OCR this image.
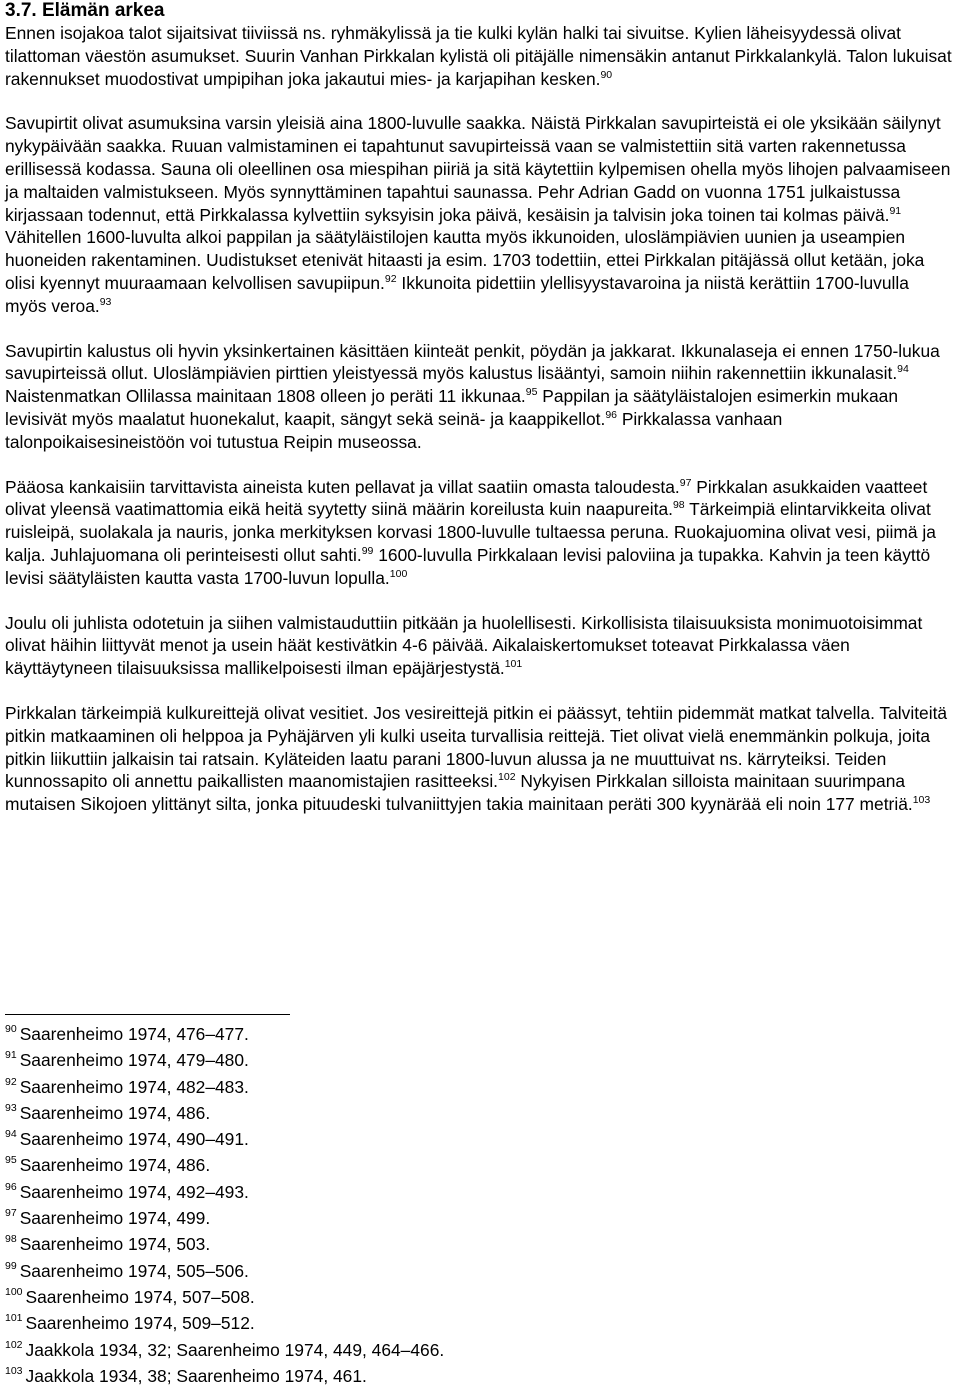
3.7. Elämän arkea

Ennen isojakoa talot sijaitsivat tiiviissä ns. ryhmäkylissä ja tie kulki kylän halki tai sivuitse. Kylien läheisyydessä olivat tilattoman väestön asumukset. Suurin Vanhan Pirkkalan kylistä oli pitäjälle nimensäkin antanut Pirkkalankylä. Talon lukuisat rakennukset muodostivat umpipihan joka jakautui mies- ja karjapihan kesken.$^{90}$

Savupirtit olivat asumuksina varsin yleisiä aina 1800-luvulle saakka. Näistä Pirkkalan savupirteistä ei ole yksikään säilynyt nykypäivään saakka. Ruuan valmistaminen ei tapahtunut savupirteissä vaan se valmistettiin sitä varten rakennetussa erillisessä kodassa. Sauna oli oleellinen osa miespihan piiriä ja sitä käytettiin kylpemisen ohella myös lihojen palvaamiseen ja maltaiden valmistukseen. Myös synnyttäminen tapahtui saunassa. Pehr Adrian Gadd on vuonna 1751 julkaistussa kirjassaan todennut, että Pirkkalassa kylvettiin syksyisin joka päivä, kesäisin ja talvisin joka toinen tai kolmas päivä.$^{91}$ Vähitellen 1600-luvulta alkoi pappilan ja säätyläistilojen kautta myös ikkunoiden, uloslämpiävien uunien ja useampien huoneiden rakentaminen. Uudistukset etenivät hitaasti ja esim. 1703 todettiin, ettei Pirkkalan pitäjässä ollut ketään, joka olisi kyennyt muuraamaan kelvollisen savupiipun.$^{92}$ Ikkunoita pidettiin ylellisyystavaroina ja niistä kerättiin 1700-luvulla myös veroa.$^{93}$

Savupirtin kalustus oli hyvin yksinkertainen käsittäen kiinteät penkit, pöydän ja jakkarat. Ikkunalaseja ei ennen 1750-lukua savupirteissä ollut. Uloslämpiävien pirttien yleistyessä myös kalustus lisääntyi, samoin niihin rakennettiin ikkunalasit.$^{94}$ Naistenmatkan Ollilassa mainitaan 1808 olleen jo peräti 11 ikkunaa.$^{95}$ Pappilan ja säätyläistalojen esimerkin mukaan levisivät myös maalatut huonekalut, kaapit, sängyt sekä seinä- ja kaappikellot.$^{96}$ Pirkkalassa vanhaan talonpoikaisesineistöön voi tutustua Reipin museossa.

Pääosa kankaisiin tarvittavista aineista kuten pellavat ja villat saatiin omasta taloudesta.$^{97}$ Pirkkalan asukkaiden vaatteet olivat yleensä vaatimattomia eikä heitä syytetty siinä määrin koreilusta kuin naapureita.$^{98}$ Tärkeimpiä elintarvikkeita olivat ruisleipä, suolakala ja nauris, jonka merkityksen korvasi 1800-luvulle tultaessa peruna. Ruokajuomina olivat vesi, piimä ja kalja. Juhlajuomana oli perinteisesti ollut sahti.$^{99}$ 1600-luvulla Pirkkalaan levisi paloviina ja tupakka. Kahvin ja teen käyttö levisi säätyläisten kautta vasta 1700-luvun lopulla.$^{100}$

Joulu oli juhlista odotetuin ja siihen valmistauduttiin pitkään ja huolellisesti. Kirkollisista tilaisuuksista monimuotoisimmat olivat häihin liittyvät menot ja usein häät kestivätkin 4-6 päivää. Aikalaiskertomukset toteavat Pirkkalassa väen käyttäytyneen tilaisuuksissa mallikelpoisesti ilman epäjärjestystä.$^{101}$

Pirkkalan tärkeimpiä kulkureittejä olivat vesitiet. Jos vesireittejä pitkin ei päässyt, tehtiin pidemmät matkat talvella. Talviteitä pitkin matkaaminen oli helppoa ja Pyhäjärven yli kulki useita turvallisia reittejä. Tiet olivat vielä enemmänkin polkuja, joita pitkin liikuttiin jalkaisin tai ratsain. Kyläteiden laatu parani 1800-luvun alussa ja ne muuttuivat ns. kärryteiksi. Teiden kunnossapito oli annettu paikallisten maanomistajien rasitteeksi.$^{102}$ Nykyisen Pirkkalan silloista mainitaan suurimpana mutaisen Sikojoen ylittänyt silta, jonka pituudeski tulvaniittyjen takia mainitaan peräti 300 kyynärää eli noin 177 metriä.$^{103}$

$^{90}$ Saarenheimo 1974, 476–477.
$^{91}$ Saarenheimo 1974, 479–480.
$^{92}$ Saarenheimo 1974, 482–483.
$^{93}$ Saarenheimo 1974, 486.
$^{94}$ Saarenheimo 1974, 490–491.
$^{95}$ Saarenheimo 1974, 486.
$^{96}$ Saarenheimo 1974, 492–493.
$^{97}$ Saarenheimo 1974, 499.
$^{98}$ Saarenheimo 1974, 503.
$^{99}$ Saarenheimo 1974, 505–506.
$^{100}$ Saarenheimo 1974, 507–508.
$^{101}$ Saarenheimo 1974, 509–512.
$^{102}$ Jaakkola 1934, 32; Saarenheimo 1974, 449, 464–466.
$^{103}$ Jaakkola 1934, 38; Saarenheimo 1974, 461.
